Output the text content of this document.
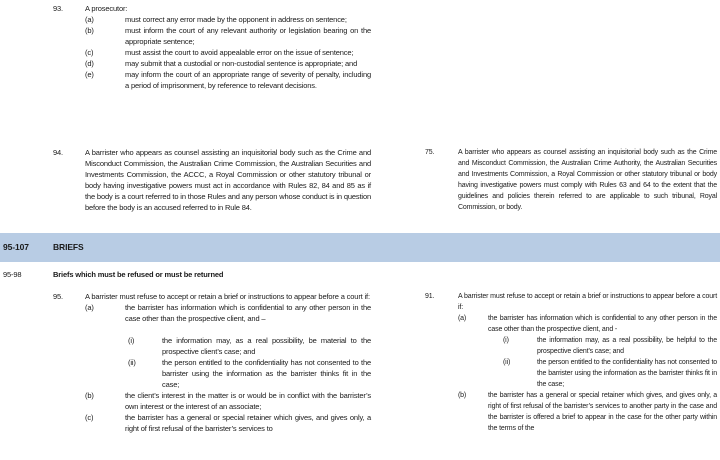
93.	A prosecutor:
(a)	must correct any error made by the opponent in address on sentence;
(b)	must inform the court of any relevant authority or legislation bearing on the appropriate sentence;
(c)	must assist the court to avoid appealable error on the issue of sentence;
(d)	may submit that a custodial or non-custodial sentence is appropriate; and
(e)	may inform the court of an appropriate range of severity of penalty, including a period of imprisonment, by reference to relevant decisions.
94.	A barrister who appears as counsel assisting an inquisitorial body such as the Crime and Misconduct Commission, the Australian Crime Commission, the Australian Securities and Investments Commission, the ACCC, a Royal Commission or other statutory tribunal or body having investigative powers must act in accordance with Rules 82, 84 and 85 as if the body is a court referred to in those Rules and any person whose conduct is in question before the body is an accused referred to in Rule 84.
75.	A barrister who appears as counsel assisting an inquisitorial body such as the Crime and Misconduct Commission, the Australian Crime Authority, the Australian Securities and Investments Commission, a Royal Commission or other statutory tribunal or body having investigative powers must comply with Rules 63 and 64 to the extent that the guidelines and policies therein referred to are applicable to such tribunal, Royal Commission, or body.
95-107	BRIEFS
95-98	Briefs which must be refused or must be returned
95.	A barrister must refuse to accept or retain a brief or instructions to appear before a court if:
(a)	the barrister has information which is confidential to any other person in the case other than the prospective client, and –
(i)	the information may, as a real possibility, be material to the prospective client’s case; and
(ii)	the person entitled to the confidentiality has not consented to the barrister using the information as the barrister thinks fit in the case;
(b)	the client’s interest in the matter is or would be in conflict with the barrister’s own interest or the interest of an associate;
(c)	the barrister has a general or special retainer which gives, and gives only, a right of first refusal of the barrister’s services to
91.	A barrister must refuse to accept or retain a brief or instructions to appear before a court if:
(a)	the barrister has information which is confidential to any other person in the case other than the prospective client, and -
(i)	the information may, as a real possibility, be helpful to the prospective client’s case; and
(ii)	the person entitled to the confidentiality has not consented to the barrister using the information as the barrister thinks fit in the case;
(b)	the barrister has a general or special retainer which gives, and gives only, a right of first refusal of the barrister’s services to another party in the case and the barrister is offered a brief to appear in the case for the other party within the terms of the
